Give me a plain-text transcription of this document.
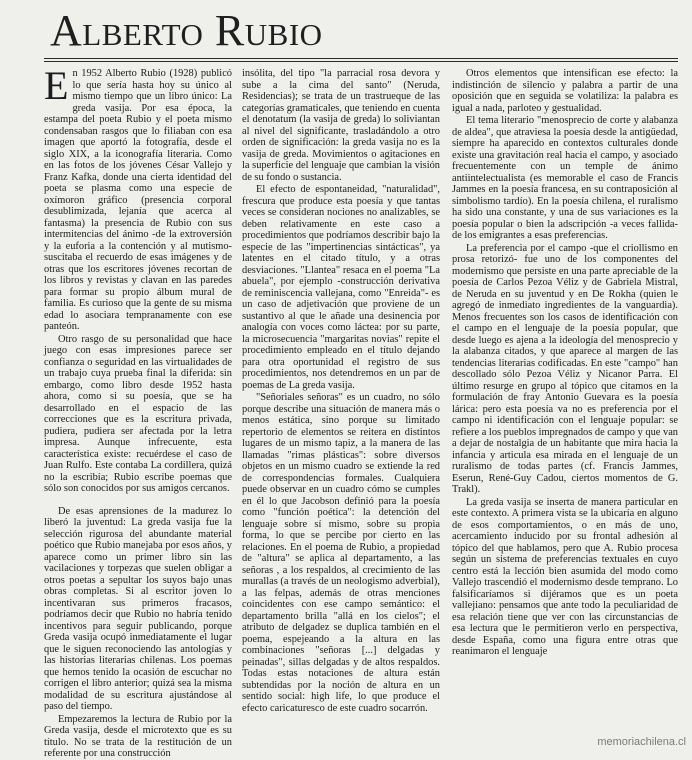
Alberto Rubio

En 1952 Alberto Rubio (1928) publicó lo que sería hasta hoy su único al mismo tiempo que un libro único: La greda vasija. Por esa época, la estampa del poeta Rubio y el poeta mismo condensaban rasgos que lo filiaban con esa imagen que aportó la fotografía, desde el siglo XIX, a la iconografía literaria. Como en las fotos de los jóvenes César Vallejo y Franz Kafka, donde una cierta identidad del poeta se plasma como una especie de oxímoron gráfico (presencia corporal desublimizada, lejanía que acerca al fantasma) la presencia de Rubio con sus intermitencias del ánimo -de la extroversión y la euforia a la contención y al mutismo- suscitaba el recuerdo de esas imágenes y de otras que los escritores jóvenes recortan de los libros y revistas y clavan en las paredes para formar su propio álbum mural de familia. Es curioso que la gente de su misma edad lo asociara tempranamente con ese panteón.

Otro rasgo de su personalidad que hace juego con esas impresiones parece ser confianza o seguridad en las virtualidades de un trabajo cuya prueba final la diferida: sin embargo, como libro desde 1952 hasta ahora, como si su poesía, que se ha desarrollado en el espacio de las correcciones que es la escritura privada, pudiera, pudiera ser afectada por la letra impresa. Aunque infrecuente, esta característica existe: recuérdese el caso de Juan Rulfo. Este contaba La cordillera, quizá no la escribía; Rubio escribe poemas que sólo son conocidos por sus amigos cercanos.

De esas aprensiones de la madurez lo liberó la juventud: La greda vasija fue la selección rigurosa del abundante material poético que Rubio manejaba por esos años, y aparece como un primer libro sin las vacilaciones y torpezas que suelen obligar a otros poetas a sepultar los suyos bajo unas obras completas. Si al escritor joven lo incentivaran sus primeros fracasos, podríamos decir que Rubio no habría tenido incentivos para seguir publicando, porque Greda vasija ocupó inmediatamente el lugar que le siguen reconociendo las antologías y las historias literarias chilenas. Los poemas que hemos tenido la ocasión de escuchar no corrigen el libro anterior; quizá sea la misma modalidad de su escritura ajustándose al paso del tiempo.

Empezaremos la lectura de Rubio por la Greda vasija, desde el microtexto que es su título. No se trata de la restitución de un referente por una construcción

insólita, del tipo "la parracial rosa devora y sube a la cima del santo" (Neruda, Residencias); se trata de un trastrueque de las categorías gramaticales, que teniendo en cuenta el denotatum (la vasija de greda) lo soliviantan al nivel del significante, trasladándolo a otro orden de significación: la greda vasija no es la vasija de greda. Movimientos o agitaciones en la superficie del lenguaje que cambian la visión de su fondo o sustancia.

El efecto de espontaneidad, "naturalidad", frescura que produce esta poesía y que tantas veces se consideran nociones no analizables, se deben relativamente en este caso a procedimientos que podríamos describir bajo la especie de las "impertinencias sintácticas", ya latentes en el citado título, y a otras desviaciones. "Llantea" resaca en el poema "La abuela", por ejemplo -construcción derivativa de reminiscencia vallejana, como "Enreida"- es un caso de adjetivación que proviene de un sustantivo al que le añade una desinencia por analogía con voces como láctea: por su parte, la microsecuencia "margaritas novias" repite el procedimiento empleado en el título dejando para otra oportunidad el registro de sus procedimientos, nos detendremos en un par de poemas de La greda vasija.

"Señoriales señoras" es un cuadro, no sólo porque describe una situación de manera más o menos estática, sino porque su limitado repertorio de elementos se reitera en distintos lugares de un mismo tapiz, a la manera de las llamadas "rimas plásticas": sobre diversos objetos en un mismo cuadro se extiende la red de correspondencias formales. Cualquiera puede observar en un cuadro cómo se cumples en él lo que Jacobson definió para la poesía como "función poética": la detención del lenguaje sobre sí mismo, sobre su propia forma, lo que se percibe por cierto en las relaciones. En el poema de Rubio, a propiedad de "altura" se aplica al departamento, a las señoras , a los respaldos, al crecimiento de las murallas (a través de un neologismo adverbial), a las felpas, además de otras menciones coincidentes con ese campo semántico: el departamento brilla "allá en los cielos"; el atributo de delgadez se duplica también en el poema, espejeando a la altura en las combinaciones "señoras [...] delgadas y peinadas", sillas delgadas y de altos respaldos. Todas estas notaciones de altura están subtendidas por la noción de altura en un sentido social: high life, lo que produce el efecto caricaturesco de este cuadro socarrón.

Otros elementos que intensifican ese efecto: la indistinción de silencio y palabra a partir de una oposición que en seguida se volatiliza: la palabra es igual a nada, parloteo y gestualidad.

El tema literario "menosprecio de corte y alabanza de aldea", que atraviesa la poesía desde la antigüedad, siempre ha aparecido en contextos culturales donde existe una gravitación real hacia el campo, y asociado frecuentemente con un temple de ánimo antiintelectualista (es memorable el caso de Francis Jammes en la poesía francesa, en su contraposición al simbolismo tardío). En la poesía chilena, el ruralismo ha sido una constante, y una de sus variaciones es la poesía popular o bien la adscripción -a veces fallida- de los emigrantes a esas preferencias.

La preferencia por el campo -que el criollismo en prosa retorizó- fue uno de los componentes del modernismo que persiste en una parte apreciable de la poesía de Carlos Pezoa Véliz y de Gabriela Mistral, de Neruda en su juventud y en De Rokha (quien le agregó de inmediato ingredientes de la vanguardia). Menos frecuentes son los casos de identificación con el campo en el lenguaje de la poesía popular, que desde luego es ajena a la ideología del menosprecio y la alabanza citados, y que aparece al margen de las tendencias literarias codificadas. En este "campo" han descollado sólo Pezoa Véliz y Nicanor Parra. El último resurge en grupo al tópico que citamos en la formulación de fray Antonio Guevara es la poesía lárica: pero esta poesía va no es preferencia por el campo ni identificación con el lenguaje popular: se refiere a los pueblos impregnados de campo y que van a dejar de nostalgia de un habitante que mira hacia la infancia y articula esa mirada en el lenguaje de un ruralismo de todas partes (cf. Francis Jammes, Eserun, René-Guy Cadou, ciertos momentos de G. Trakl).

La greda vasija se inserta de manera particular en este contexto. A primera vista se la ubicaría en alguno de esos comportamientos, o en más de uno, acercamiento inducido por su frontal adhesión al tópico del que hablamos, pero que A. Rubio procesa según un sistema de preferencias textuales en cuyo centro está la lección bien asumida del modo como Vallejo trascendió el modernismo desde temprano. Lo falsificaríamos si dijéramos que es un poeta vallejiano: pensamos que ante todo la peculiaridad de esa relación tiene que ver con las circunstancias de esa lectura que le permitieron verlo en perspectiva, desde España, como una figura entre otras que reanimaron el lenguaje

memoriachilena.cl
